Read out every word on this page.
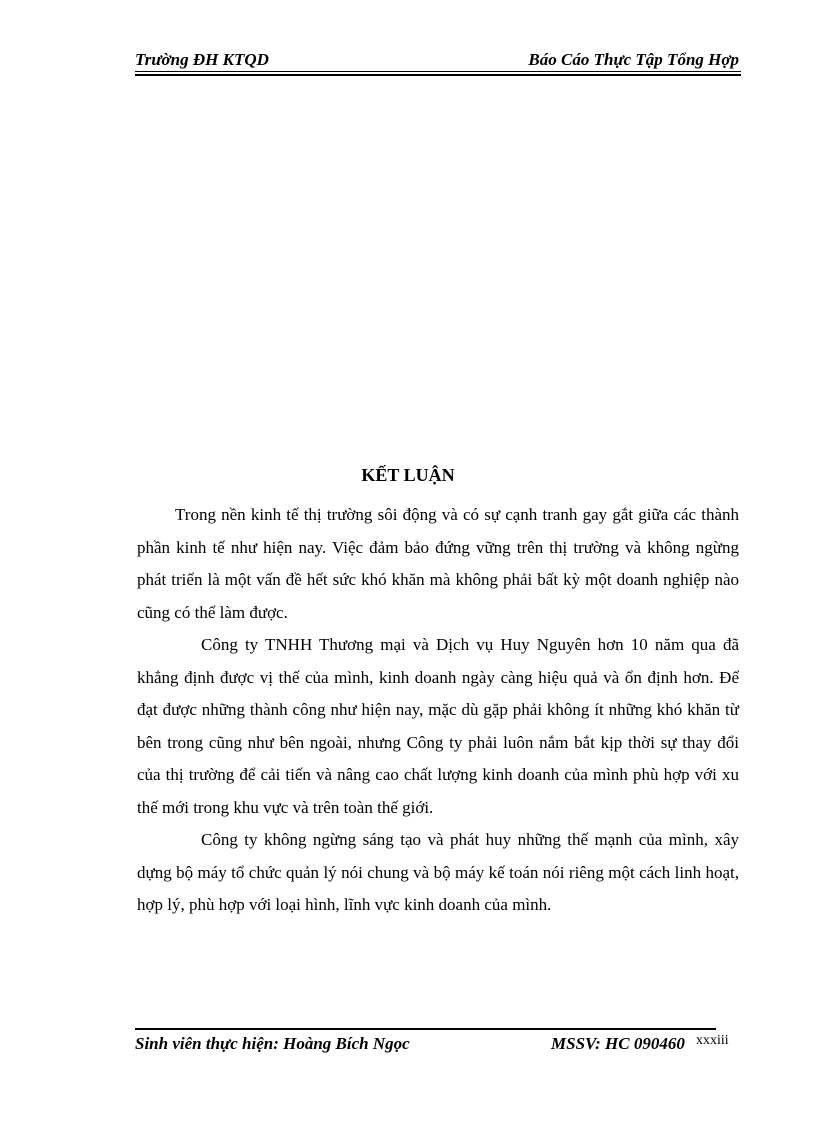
Trường ĐH KTQD	Báo Cáo Thực Tập Tổng Hợp
KẾT LUẬN

Trong nền kinh tế thị trường sôi động và có sự cạnh tranh gay gắt giữa các thành phần kinh tế như hiện nay. Việc đảm bảo đứng vững trên thị trường và không ngừng phát triển là một vấn đề hết sức khó khăn mà không phải bất kỳ một doanh nghiệp nào cũng có thể làm được.

Công ty TNHH Thương mại và Dịch vụ Huy Nguyên hơn 10 năm qua đã khẳng định được vị thế của mình, kinh doanh ngày càng hiệu quả và ổn định hơn. Để đạt được những thành công như hiện nay, mặc dù gặp phải không ít những khó khăn từ bên trong cũng như bên ngoài, nhưng Công ty phải luôn nắm bắt kịp thời sự thay đổi của thị trường để cải tiến và nâng cao chất lượng kinh doanh của mình phù hợp với xu thế mới trong khu vực và trên toàn thế giới.

Công ty không ngừng sáng tạo và phát huy những thế mạnh của mình, xây dựng bộ máy tổ chức quản lý nói chung và bộ máy kế toán nói riêng một cách linh hoạt, hợp lý, phù hợp với loại hình, lĩnh vực kinh doanh của mình.

Sinh viên thực hiện: Hoàng Bích Ngọc	MSSV: HC 090460 xxxiii
